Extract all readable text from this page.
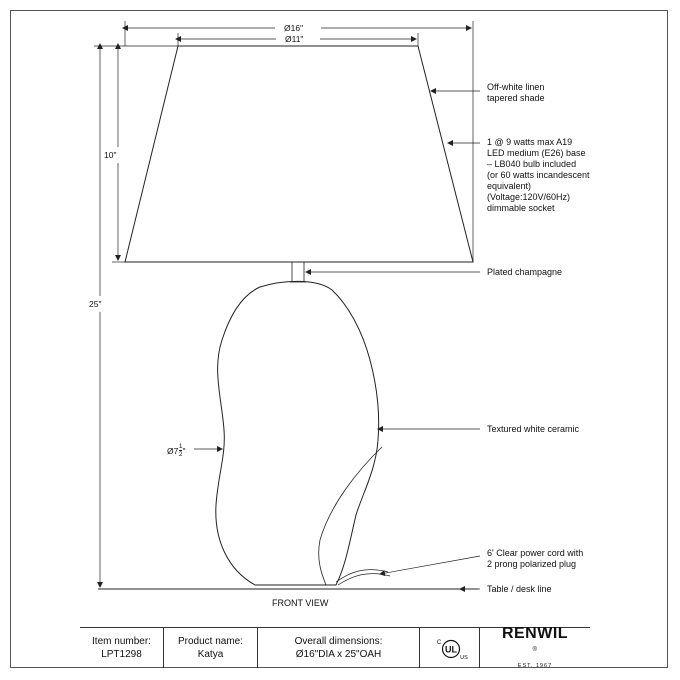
Ø16"
Ø11"
10"
25"
Ø7 $\frac{1}{2}$ "
Off-white linen
tapered shade
1 @ 9 watts max A19
LED medium (E26) base
– LB040 bulb included
(or 60 watts incandescent
equivalent)
(Voltage:120V/60Hz)
dimmable socket
Plated champagne
Textured white ceramic
6' Clear power cord with
2 prong polarized plug
Table / desk line
FRONT VIEW
Item number:
LPT1298
Product name:
Katya
Overall dimensions:
Ø16"DIA x 25"OAH	UL
C
US
RENWIL
®
EST. 1967
